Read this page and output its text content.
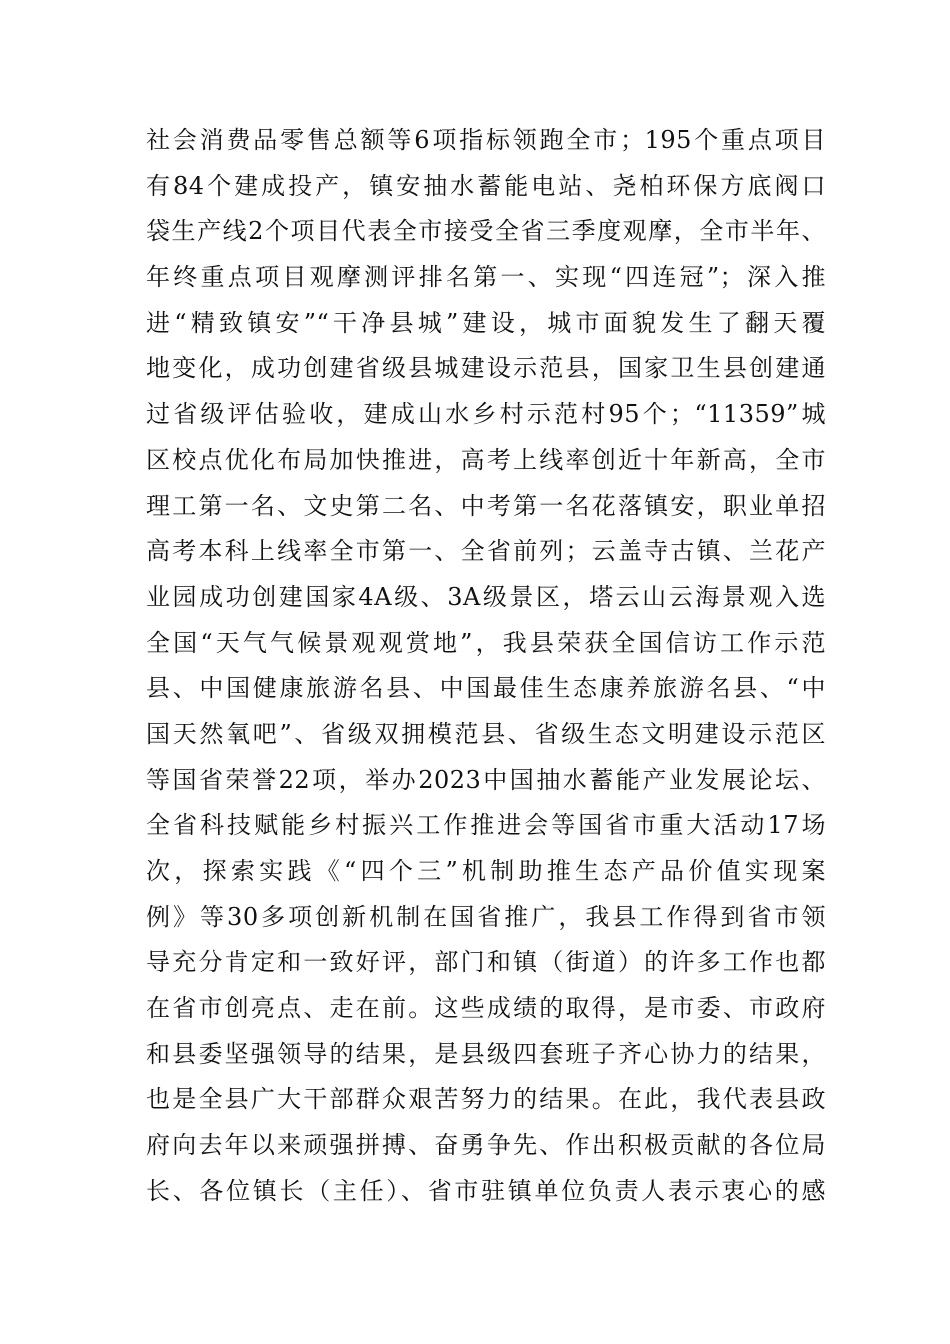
社会消费品零售总额等6项指标领跑全市；195个重点项目
有84个建成投产，镇安抽水蓄能电站、尧柏环保方底阀口
袋生产线2个项目代表全市接受全省三季度观摩，全市半年、
年终重点项目观摩测评排名第一、实现“四连冠”；深入推
进“精致镇安”“干净县城”建设，城市面貌发生了翻天覆
地变化，成功创建省级县城建设示范县，国家卫生县创建通
过省级评估验收，建成山水乡村示范村95个；“11359”城
区校点优化布局加快推进，高考上线率创近十年新高，全市
理工第一名、文史第二名、中考第一名花落镇安，职业单招
高考本科上线率全市第一、全省前列；云盖寺古镇、兰花产
业园成功创建国家4A级、3A级景区，塔云山云海景观入选
全国“天气气候景观观赏地”，我县荣获全国信访工作示范
县、中国健康旅游名县、中国最佳生态康养旅游名县、“中
国天然氧吧”、省级双拥模范县、省级生态文明建设示范区
等国省荣誉22项，举办2023中国抽水蓄能产业发展论坛、
全省科技赋能乡村振兴工作推进会等国省市重大活动17场
次，探索实践《“四个三”机制助推生态产品价值实现案
例》等30多项创新机制在国省推广，我县工作得到省市领
导充分肯定和一致好评，部门和镇（街道）的许多工作也都
在省市创亮点、走在前。这些成绩的取得，是市委、市政府
和县委坚强领导的结果，是县级四套班子齐心协力的结果，
也是全县广大干部群众艰苦努力的结果。在此，我代表县政
府向去年以来顽强拼搏、奋勇争先、作出积极贡献的各位局
长、各位镇长（主任）、省市驻镇单位负责人表示衷心的感
